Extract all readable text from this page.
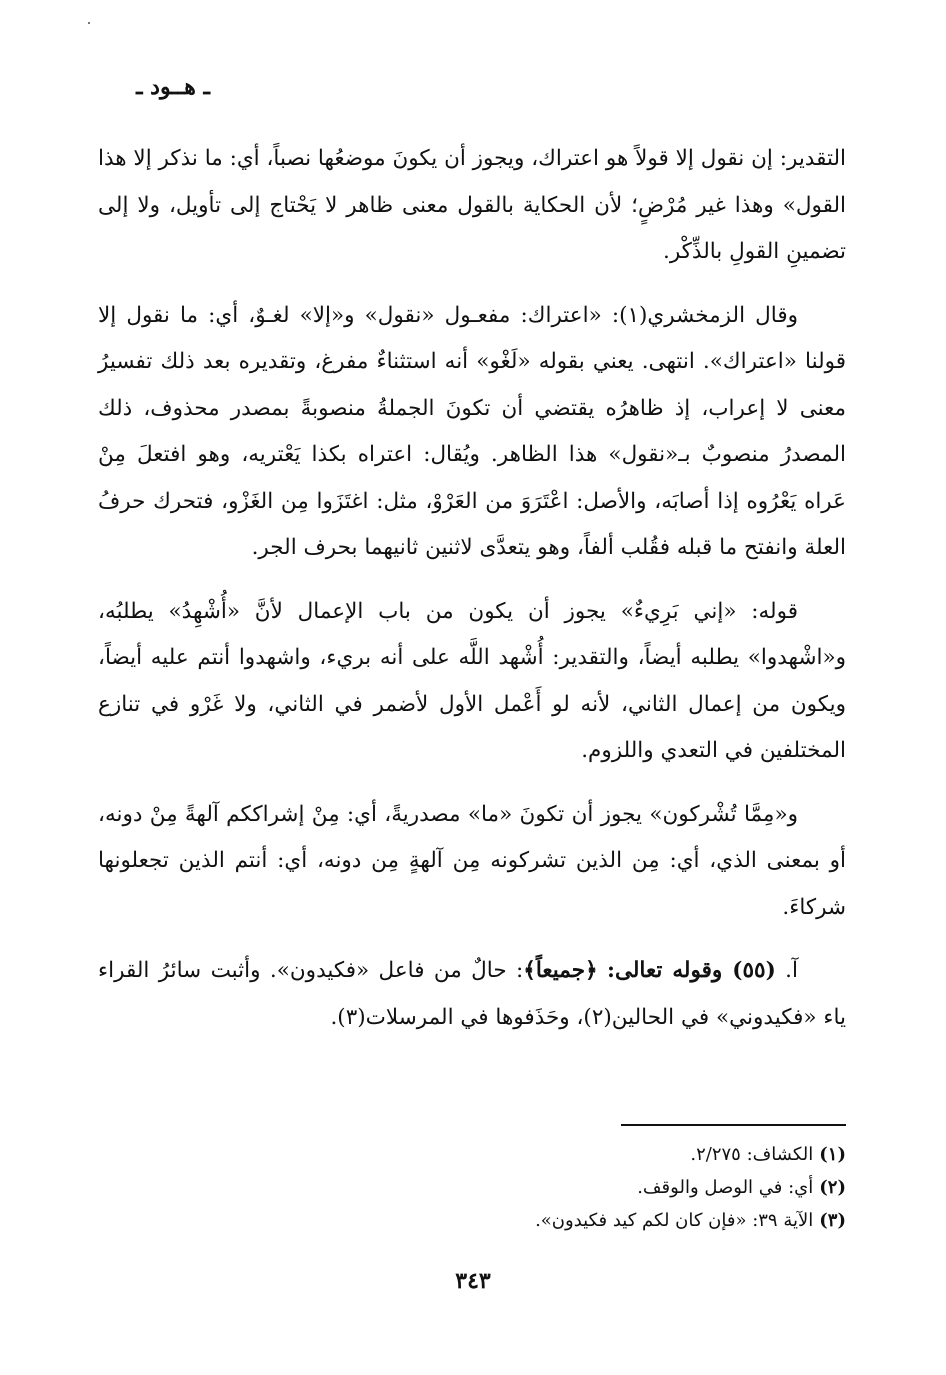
ـ هــود ـ

التقدير: إن نقول إلا قولاً هو اعتراك، ويجوز أن يكونَ موضعُها نصباً، أي: ما نذكر إلا هذا القول» وهذا غير مُرْضٍ؛ لأن الحكاية بالقول معنى ظاهر لا يَحْتاج إلى تأويل، ولا إلى تضمينِ القولِ بالذِّكْر.

وقال الزمخشري(١): «اعتراك: مفعـول «نقول» و«إلا» لغـوٌ، أي: ما نقول إلا قولنا «اعتراك». انتهى. يعني بقوله «لَغْو» أنه استثناءٌ مفرغ، وتقديره بعد ذلك تفسيرُ معنى لا إعراب، إذ ظاهرُه يقتضي أن تكونَ الجملةُ منصوبةً بمصدر محذوف، ذلك المصدرُ منصوبٌ بـ«نقول» هذا الظاهر. ويُقال: اعتراه بكذا يَعْتريه، وهو افتعلَ مِنْ عَراه يَعْرُوه إذا أصابَه، والأصل: اعْتَرَوَ من العَرْوْ، مثل: اغتَزَوا مِن الغَزْو، فتحرك حرفُ العلة وانفتح ما قبله فقُلب ألفاً، وهو يتعدَّى لاثنين ثانيهما بحرف الجر.

قوله: «إني بَرِيءٌ» يجوز أن يكون من باب الإعمال لأنَّ «أُشْهِدُ» يطلبُه، و«اشْهدوا» يطلبه أيضاً، والتقدير: أُشْهد اللَّه على أنه بريء، واشهدوا أنتم عليه أيضاً، ويكون من إعمال الثاني، لأنه لو أَعْمل الأول لأضمر في الثاني، ولا غَرْو في تنازع المختلفين في التعدي واللزوم.

و«مِمَّا تُشْركون» يجوز أن تكونَ «ما» مصدريةً، أي: مِنْ إشراككم آلهةً مِنْ دونه، أو بمعنى الذي، أي: مِن الذين تشركونه مِن آلهةٍ مِن دونه، أي: أنتم الذين تجعلونها شركاءَ.

آ. (٥٥) وقوله تعالى: ﴿جميعاً﴾: حالٌ من فاعل «فكيدون». وأثبت سائرُ القراء ياء «فكيدوني» في الحالين(٢)، وحَذَفوها في المرسلات(٣).

(١)الكشاف: ٢/٢٧٥.
(٢)أي: في الوصل والوقف.
(٣)الآية ٣٩: «فإن كان لكم كيد فكيدون».
٣٤٣
